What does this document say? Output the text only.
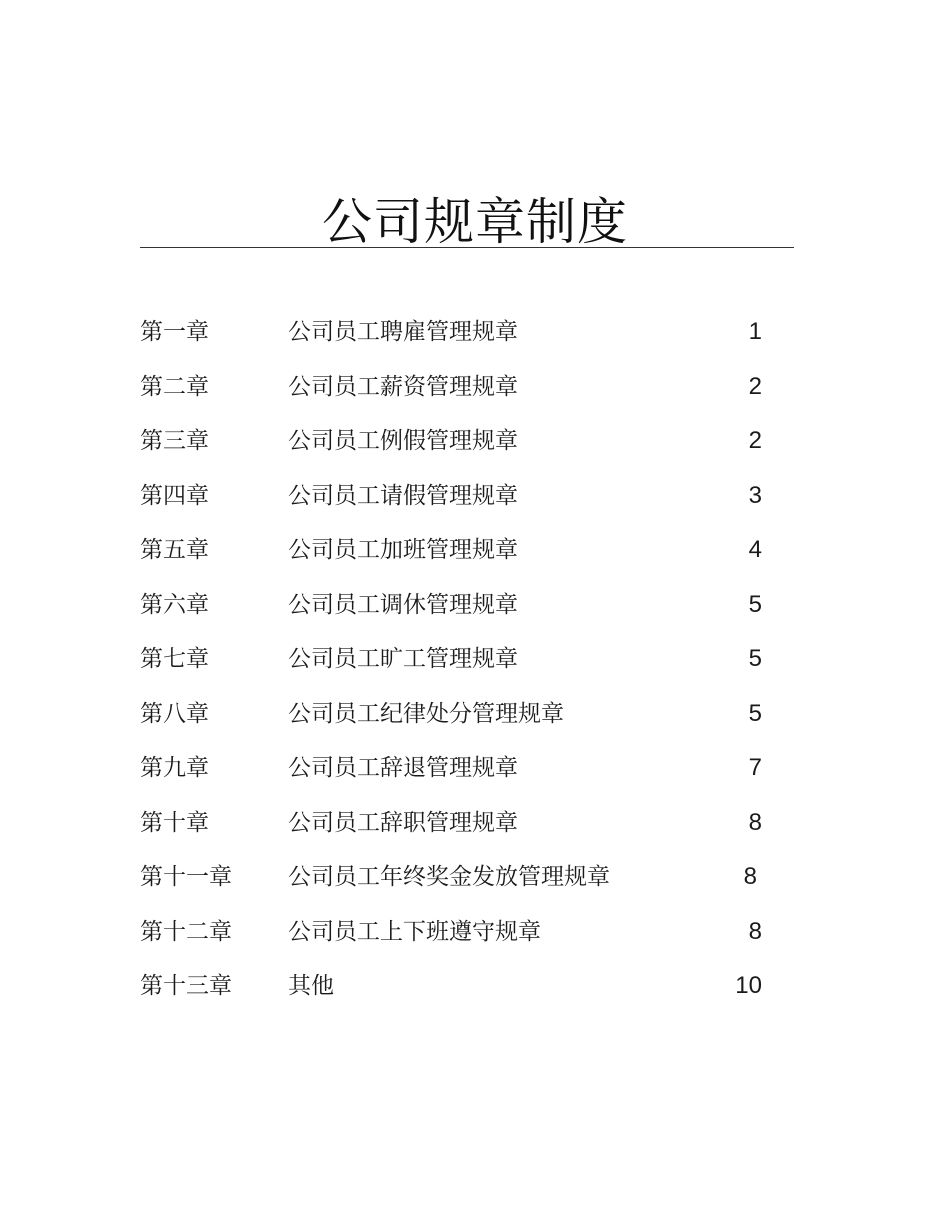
公司规章制度
第一章	公司员工聘雇管理规章	1
第二章	公司员工薪资管理规章	2
第三章	公司员工例假管理规章	2
第四章	公司员工请假管理规章	3
第五章	公司员工加班管理规章	4
第六章	公司员工调休管理规章	5
第七章	公司员工旷工管理规章	5
第八章	公司员工纪律处分管理规章	5
第九章	公司员工辞退管理规章	7
第十章	公司员工辞职管理规章	8
第十一章 公司员工年终奖金发放管理规章	8
第十二章 公司员工上下班遵守规章	8
第十三章 其他	10
